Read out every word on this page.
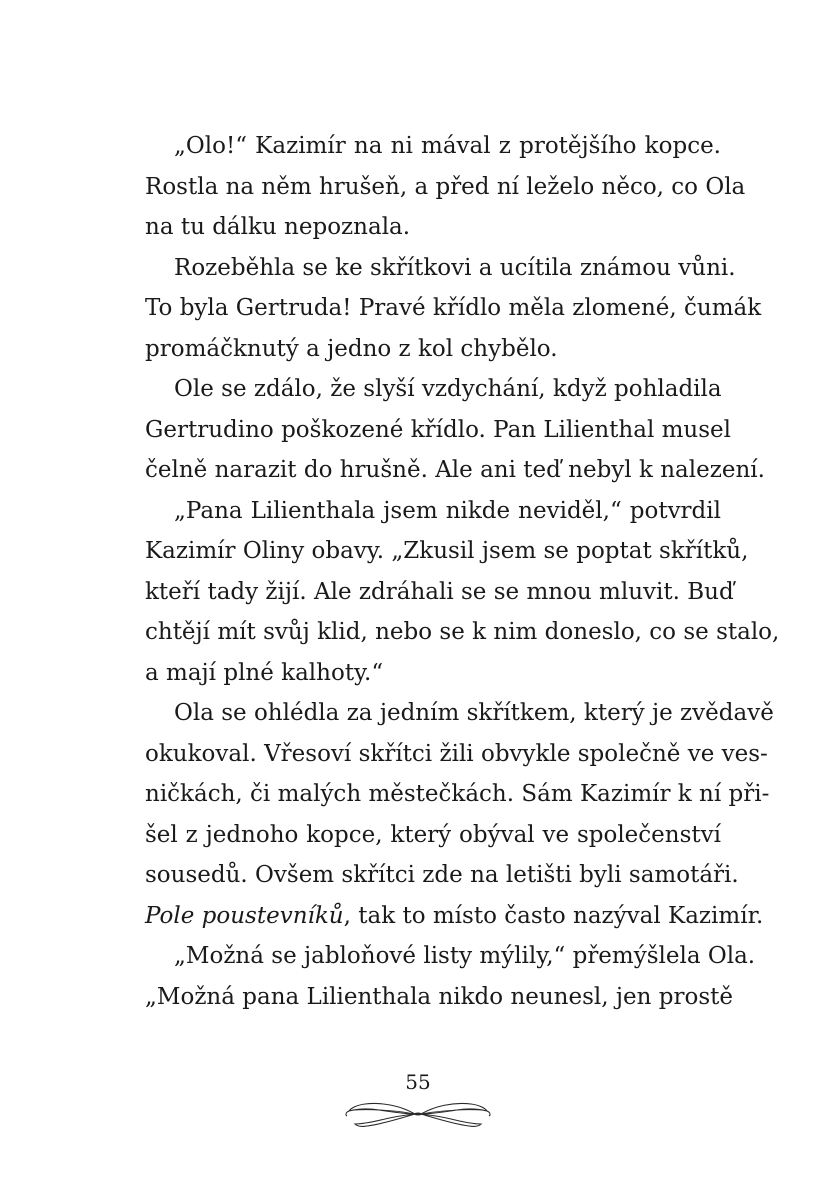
„Olo!“ Kazimír na ni mával z protějšího kopce.
Rostla na něm hrušeň, a před ní leželo něco, co Ola
na tu dálku nepoznala.
Rozeběhla se ke skřítkovi a ucítila známou vůni.
To byla Gertruda! Pravé křídlo měla zlomené, čumák
promáčknutý a jedno z kol chybělo.
Ole se zdálo, že slyší vzdychání, když pohladila
Gertrudino poškozené křídlo. Pan Lilienthal musel
čelně narazit do hrušně. Ale ani teď nebyl k nalezení.
„Pana Lilienthala jsem nikde neviděl,“ potvrdil
Kazimír Oliny obavy. „Zkusil jsem se poptat skřítků,
kteří tady žijí. Ale zdráhali se se mnou mluvit. Buď
chtějí mít svůj klid, nebo se k nim doneslo, co se stalo,
a mají plné kalhoty.“
Ola se ohlédla za jedním skřítkem, který je zvědavě
okukoval. Vřesoví skřítci žili obvykle společně ve ves-
ničkách, či malých městečkách. Sám Kazimír k ní při-
šel z jednoho kopce, který obýval ve společenství
sousedů. Ovšem skřítci zde na letišti byli samotáři.
Pole poustevníků, tak to místo často nazýval Kazimír.
„Možná se jabloňové listy mýlily,“ přemýšlela Ola.
„Možná pana Lilienthala nikdo neunesl, jen prostě
55
